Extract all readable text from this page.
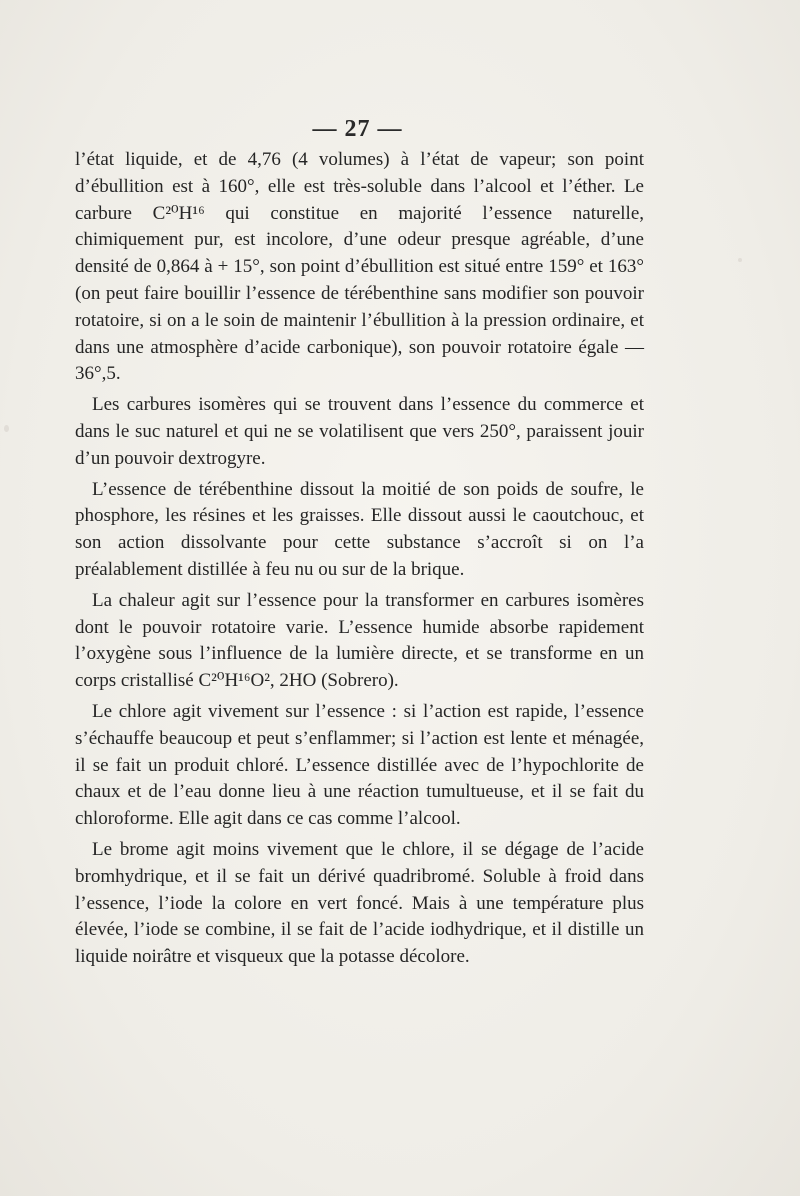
— 27 —

l’état liquide, et de 4,76 (4 volumes) à l’état de vapeur; son point d’ébullition est à 160°, elle est très-soluble dans l’alcool et l’éther. Le carbure C²⁰H¹⁶ qui constitue en majorité l’essence naturelle, chimiquement pur, est incolore, d’une odeur presque agréable, d’une densité de 0,864 à + 15°, son point d’ébullition est situé entre 159° et 163° (on peut faire bouillir l’essence de térébenthine sans modifier son pouvoir rotatoire, si on a le soin de maintenir l’ébullition à la pression ordinaire, et dans une atmosphère d’acide carbonique), son pouvoir rotatoire égale — 36°,5.

Les carbures isomères qui se trouvent dans l’essence du commerce et dans le suc naturel et qui ne se volatilisent que vers 250°, paraissent jouir d’un pouvoir dextrogyre.

L’essence de térébenthine dissout la moitié de son poids de soufre, le phosphore, les résines et les graisses. Elle dissout aussi le caoutchouc, et son action dissolvante pour cette substance s’accroît si on l’a préalablement distillée à feu nu ou sur de la brique.

La chaleur agit sur l’essence pour la transformer en carbures isomères dont le pouvoir rotatoire varie. L’essence humide absorbe rapidement l’oxygène sous l’influence de la lumière directe, et se transforme en un corps cristallisé C²⁰H¹⁶O², 2HO (Sobrero).

Le chlore agit vivement sur l’essence : si l’action est rapide, l’essence s’échauffe beaucoup et peut s’enflammer; si l’action est lente et ménagée, il se fait un produit chloré. L’essence distillée avec de l’hypochlorite de chaux et de l’eau donne lieu à une réaction tumultueuse, et il se fait du chloroforme. Elle agit dans ce cas comme l’alcool.

Le brome agit moins vivement que le chlore, il se dégage de l’acide bromhydrique, et il se fait un dérivé quadribromé. Soluble à froid dans l’essence, l’iode la colore en vert foncé. Mais à une température plus élevée, l’iode se combine, il se fait de l’acide iodhydrique, et il distille un liquide noirâtre et visqueux que la potasse décolore.
